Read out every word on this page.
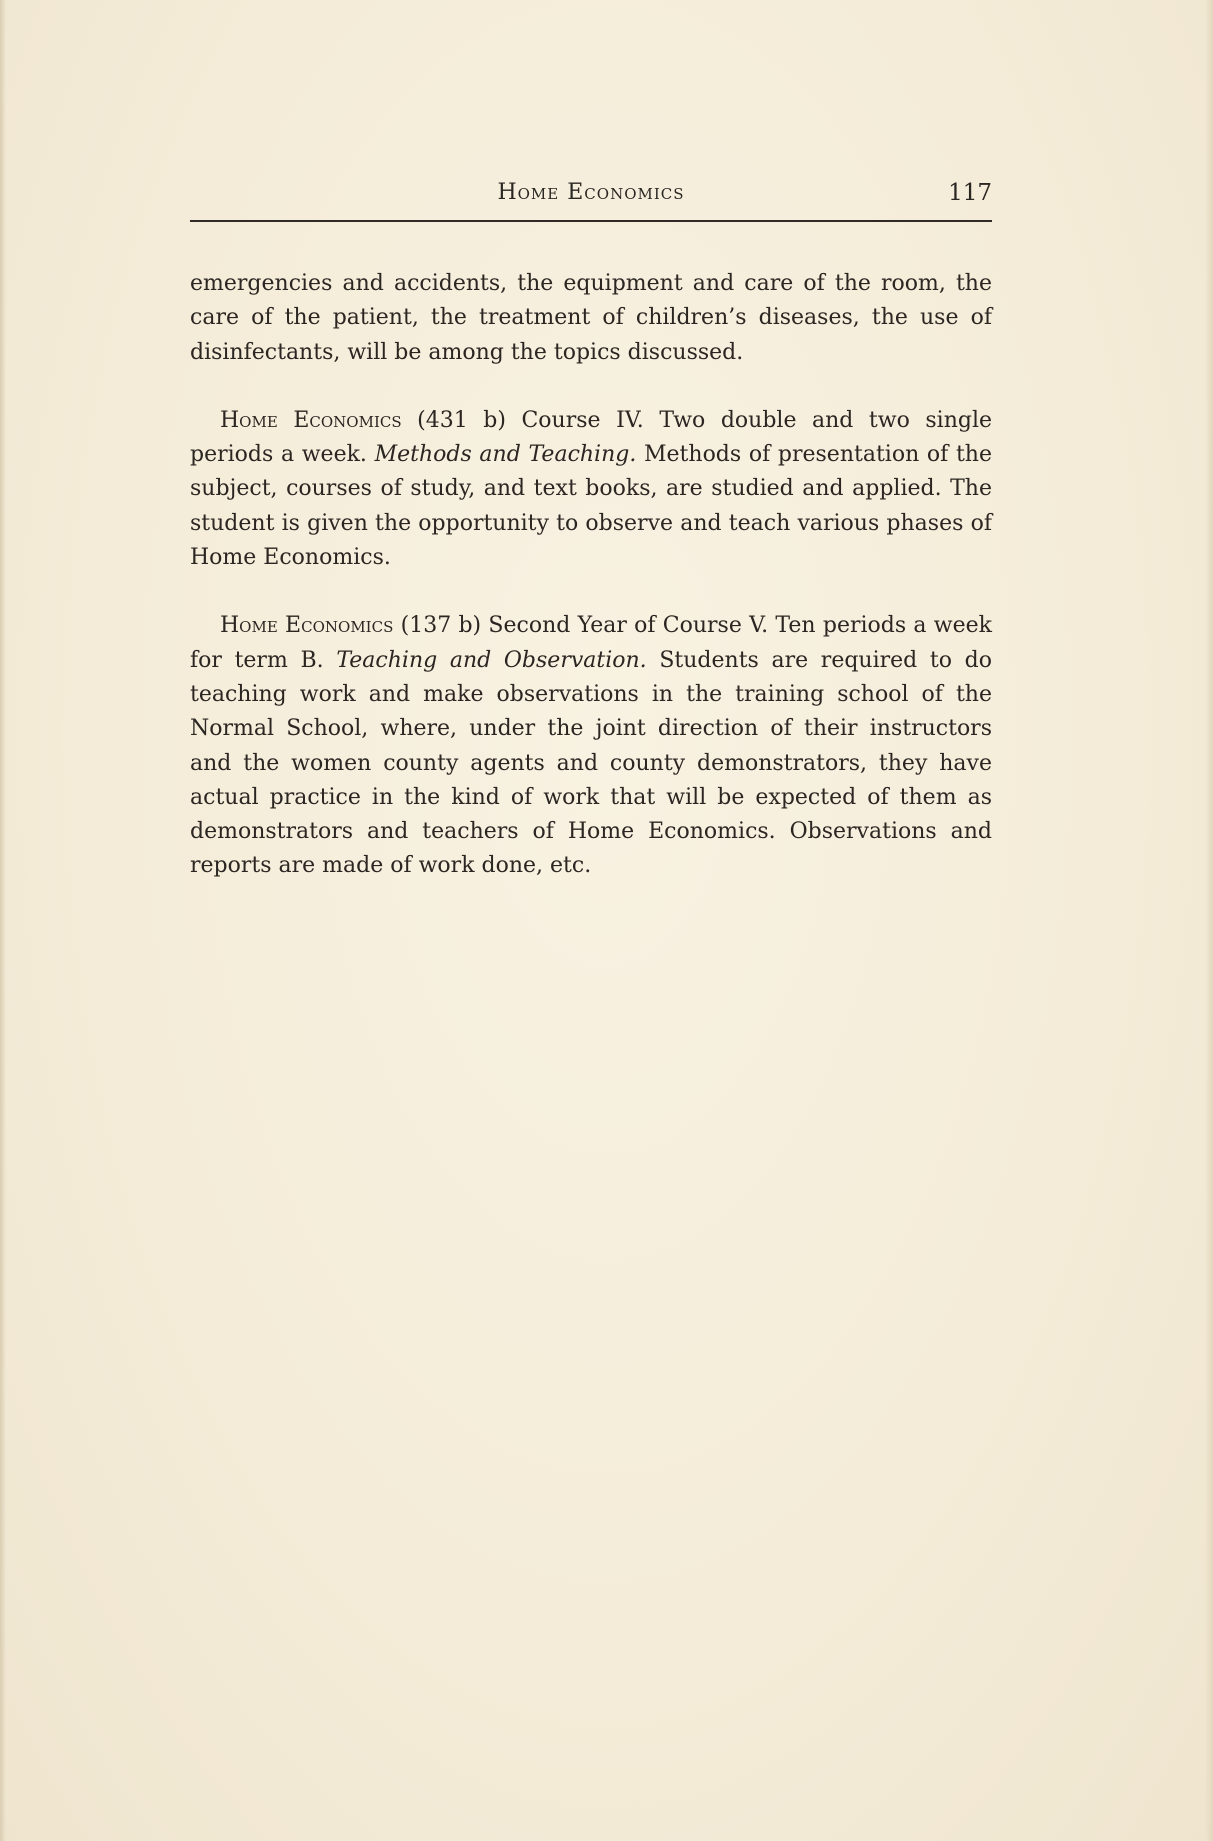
Home Economics	117

emergencies and accidents, the equipment and care of the room, the care of the patient, the treatment of children’s diseases, the use of disinfectants, will be among the topics discussed.

Home Economics (431 b) Course IV. Two double and two single periods a week. Methods and Teaching. Methods of presentation of the subject, courses of study, and text books, are studied and applied. The student is given the opportunity to observe and teach various phases of Home Economics.

Home Economics (137 b) Second Year of Course V. Ten periods a week for term B. Teaching and Observation. Students are required to do teaching work and make observations in the training school of the Normal School, where, under the joint direction of their instructors and the women county agents and county demonstrators, they have actual practice in the kind of work that will be expected of them as demonstrators and teachers of Home Economics. Observations and reports are made of work done, etc.
